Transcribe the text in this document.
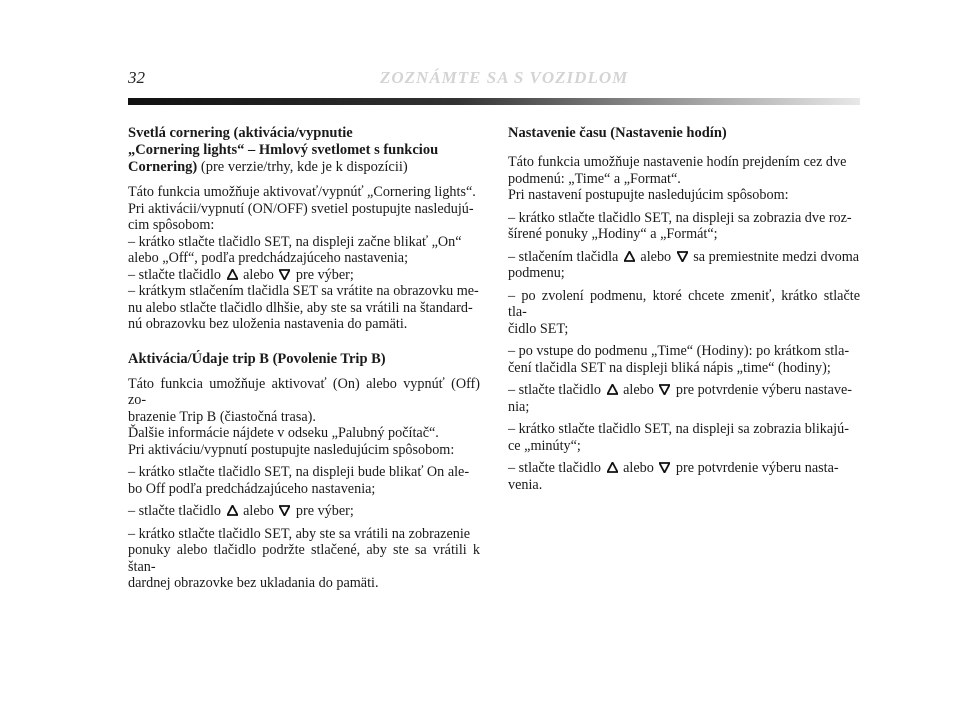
32	ZOZNÁMTE SA S VOZIDLOM
Svetlá cornering (aktivácia/vypnutie
„Cornering lights“ – Hmlový svetlomet s funkciou
Cornering) (pre verzie/trhy, kde je k dispozícii)

Táto funkcia umožňuje aktivovať/vypnúť „Cornering lights“.
Pri aktivácii/vypnutí (ON/OFF) svetiel postupujte nasledujú-
cim spôsobom:
– krátko stlačte tlačidlo SET, na displeji začne blikať „On“
alebo „Off“, podľa predchádzajúceho nastavenia;
– stlačte tlačidlo alebo pre výber;
– krátkym stlačením tlačidla SET sa vrátite na obrazovku me-
nu alebo stlačte tlačidlo dlhšie, aby ste sa vrátili na štandard-
nú obrazovku bez uloženia nastavenia do pamäti.

Aktivácia/Údaje trip B (Povolenie Trip B)

Táto funkcia umožňuje aktivovať (On) alebo vypnúť (Off) zo-
brazenie Trip B (čiastočná trasa).
Ďalšie informácie nájdete v odseku „Palubný počítač“.
Pri aktiváciu/vypnutí postupujte nasledujúcim spôsobom:

– krátko stlačte tlačidlo SET, na displeji bude blikať On ale-
bo Off podľa predchádzajúceho nastavenia;

– stlačte tlačidlo alebo pre výber;

– krátko stlačte tlačidlo SET, aby ste sa vrátili na zobrazenie
ponuky alebo tlačidlo podržte stlačené, aby ste sa vrátili k štan-
dardnej obrazovke bez ukladania do pamäti.

Nastavenie času (Nastavenie hodín)

Táto funkcia umožňuje nastavenie hodín prejdením cez dve
podmenú: „Time“ a „Format“.
Pri nastavení postupujte nasledujúcim spôsobom:

– krátko stlačte tlačidlo SET, na displeji sa zobrazia dve roz-
šírené ponuky „Hodiny“ a „Formát“;

– stlačením tlačidla alebo sa premiestnite medzi dvoma
podmenu;

– po zvolení podmenu, ktoré chcete zmeniť, krátko stlačte tla-
čidlo SET;

– po vstupe do podmenu „Time“ (Hodiny): po krátkom stla-
čení tlačidla SET na displeji bliká nápis „time“ (hodiny);

– stlačte tlačidlo alebo pre potvrdenie výberu nastave-
nia;

– krátko stlačte tlačidlo SET, na displeji sa zobrazia blikajú-
ce „minúty“;

– stlačte tlačidlo alebo pre potvrdenie výberu nasta-
venia.
